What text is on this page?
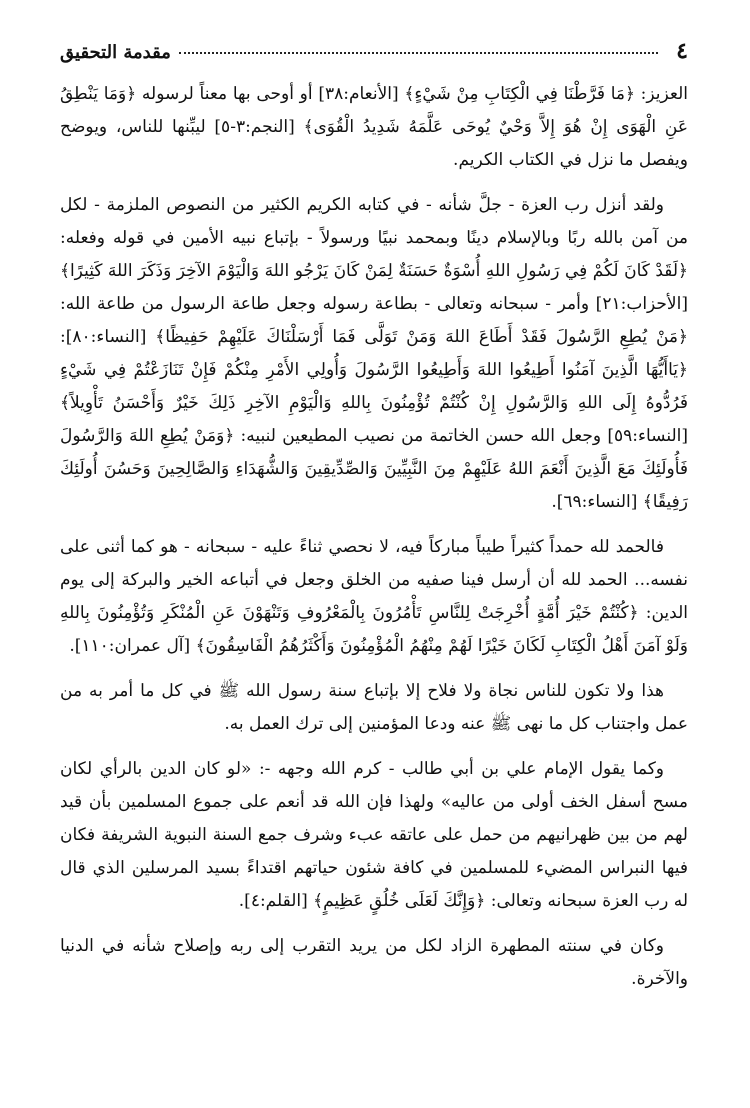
٤
مقدمة التحقيق

العزيز: ﴿مَا فَرَّطْنَا فِي الْكِتَابِ مِنْ شَيْءٍ﴾ [الأنعام:٣٨] أو أوحى بها معناً لرسوله ﴿وَمَا يَنْطِقُ عَنِ الْهَوَى إِنْ هُوَ إِلاَّ وَحْيٌ يُوحَى عَلَّمَهُ شَدِيدُ الْقُوَى﴾ [النجم:٣-٥] ليبِّنها للناس، ويوضح ويفصل ما نزل في الكتاب الكريم.

ولقد أنزل رب العزة - جلَّ شأنه - في كتابه الكريم الكثير من النصوص الملزمة - لكل من آمن بالله ربًا وبالإسلام دينًا وبمحمد نبيًا ورسولاً - بإتباع نبيه الأمين في قوله وفعله: ﴿لَقَدْ كَانَ لَكُمْ فِي رَسُولِ اللهِ أُسْوَةٌ حَسَنَةٌ لِمَنْ كَانَ يَرْجُو اللهَ وَالْيَوْمَ الآخِرَ وَذَكَرَ اللهَ كَثِيرًا﴾ [الأحزاب:٢١] وأمر - سبحانه وتعالى - بطاعة رسوله وجعل طاعة الرسول من طاعة الله: ﴿مَنْ يُطِعِ الرَّسُولَ فَقَدْ أَطَاعَ اللهَ وَمَنْ تَوَلَّى فَمَا أَرْسَلْنَاكَ عَلَيْهِمْ حَفِيظًا﴾ [النساء:٨٠]: ﴿يَاأَيُّهَا الَّذِينَ آمَنُوا أَطِيعُوا اللهَ وَأَطِيعُوا الرَّسُولَ وَأُولِي الأَمْرِ مِنْكُمْ فَإِنْ تَنَازَعْتُمْ فِي شَيْءٍ فَرُدُّوهُ إِلَى اللهِ وَالرَّسُولِ إِنْ كُنْتُمْ تُؤْمِنُونَ بِاللهِ وَالْيَوْمِ الآخِرِ ذَلِكَ خَيْرٌ وَأَحْسَنُ تَأْوِيلاً﴾ [النساء:٥٩] وجعل الله حسن الخاتمة من نصيب المطيعين لنبيه: ﴿وَمَنْ يُطِعِ اللهَ وَالرَّسُولَ فَأُولَئِكَ مَعَ الَّذِينَ أَنْعَمَ اللهُ عَلَيْهِمْ مِنَ النَّبِيِّينَ وَالصِّدِّيقِينَ وَالشُّهَدَاءِ وَالصَّالِحِينَ وَحَسُنَ أُولَئِكَ رَفِيقًا﴾ [النساء:٦٩].

فالحمد لله حمداً كثيراً طيباً مباركاً فيه، لا نحصي ثناءً عليه - سبحانه - هو كما أثنى على نفسه... الحمد لله أن أرسل فينا صفيه من الخلق وجعل في أتباعه الخير والبركة إلى يوم الدين: ﴿كُنْتُمْ خَيْرَ أُمَّةٍ أُخْرِجَتْ لِلنَّاسِ تَأْمُرُونَ بِالْمَعْرُوفِ وَتَنْهَوْنَ عَنِ الْمُنْكَرِ وَتُؤْمِنُونَ بِاللهِ وَلَوْ آمَنَ أَهْلُ الْكِتَابِ لَكَانَ خَيْرًا لَهُمْ مِنْهُمُ الْمُؤْمِنُونَ وَأَكْثَرُهُمُ الْفَاسِقُونَ﴾ [آل عمران:١١٠].

هذا ولا تكون للناس نجاة ولا فلاح إلا بإتباع سنة رسول الله ﷺ في كل ما أمر به من عمل واجتناب كل ما نهى ﷺ عنه ودعا المؤمنين إلى ترك العمل به.

وكما يقول الإمام علي بن أبي طالب - كرم الله وجهه -: «لو كان الدين بالرأي لكان مسح أسفل الخف أولى من عاليه» ولهذا فإن الله قد أنعم على جموع المسلمين بأن قيد لهم من بين ظهرانيهم من حمل على عاتقه عبء وشرف جمع السنة النبوية الشريفة فكان فيها النبراس المضيء للمسلمين في كافة شئون حياتهم اقتداءً بسيد المرسلين الذي قال له رب العزة سبحانه وتعالى: ﴿وَإِنَّكَ لَعَلَى خُلُقٍ عَظِيمٍ﴾ [القلم:٤].

وكان في سنته المطهرة الزاد لكل من يريد التقرب إلى ربه وإصلاح شأنه في الدنيا والآخرة.
